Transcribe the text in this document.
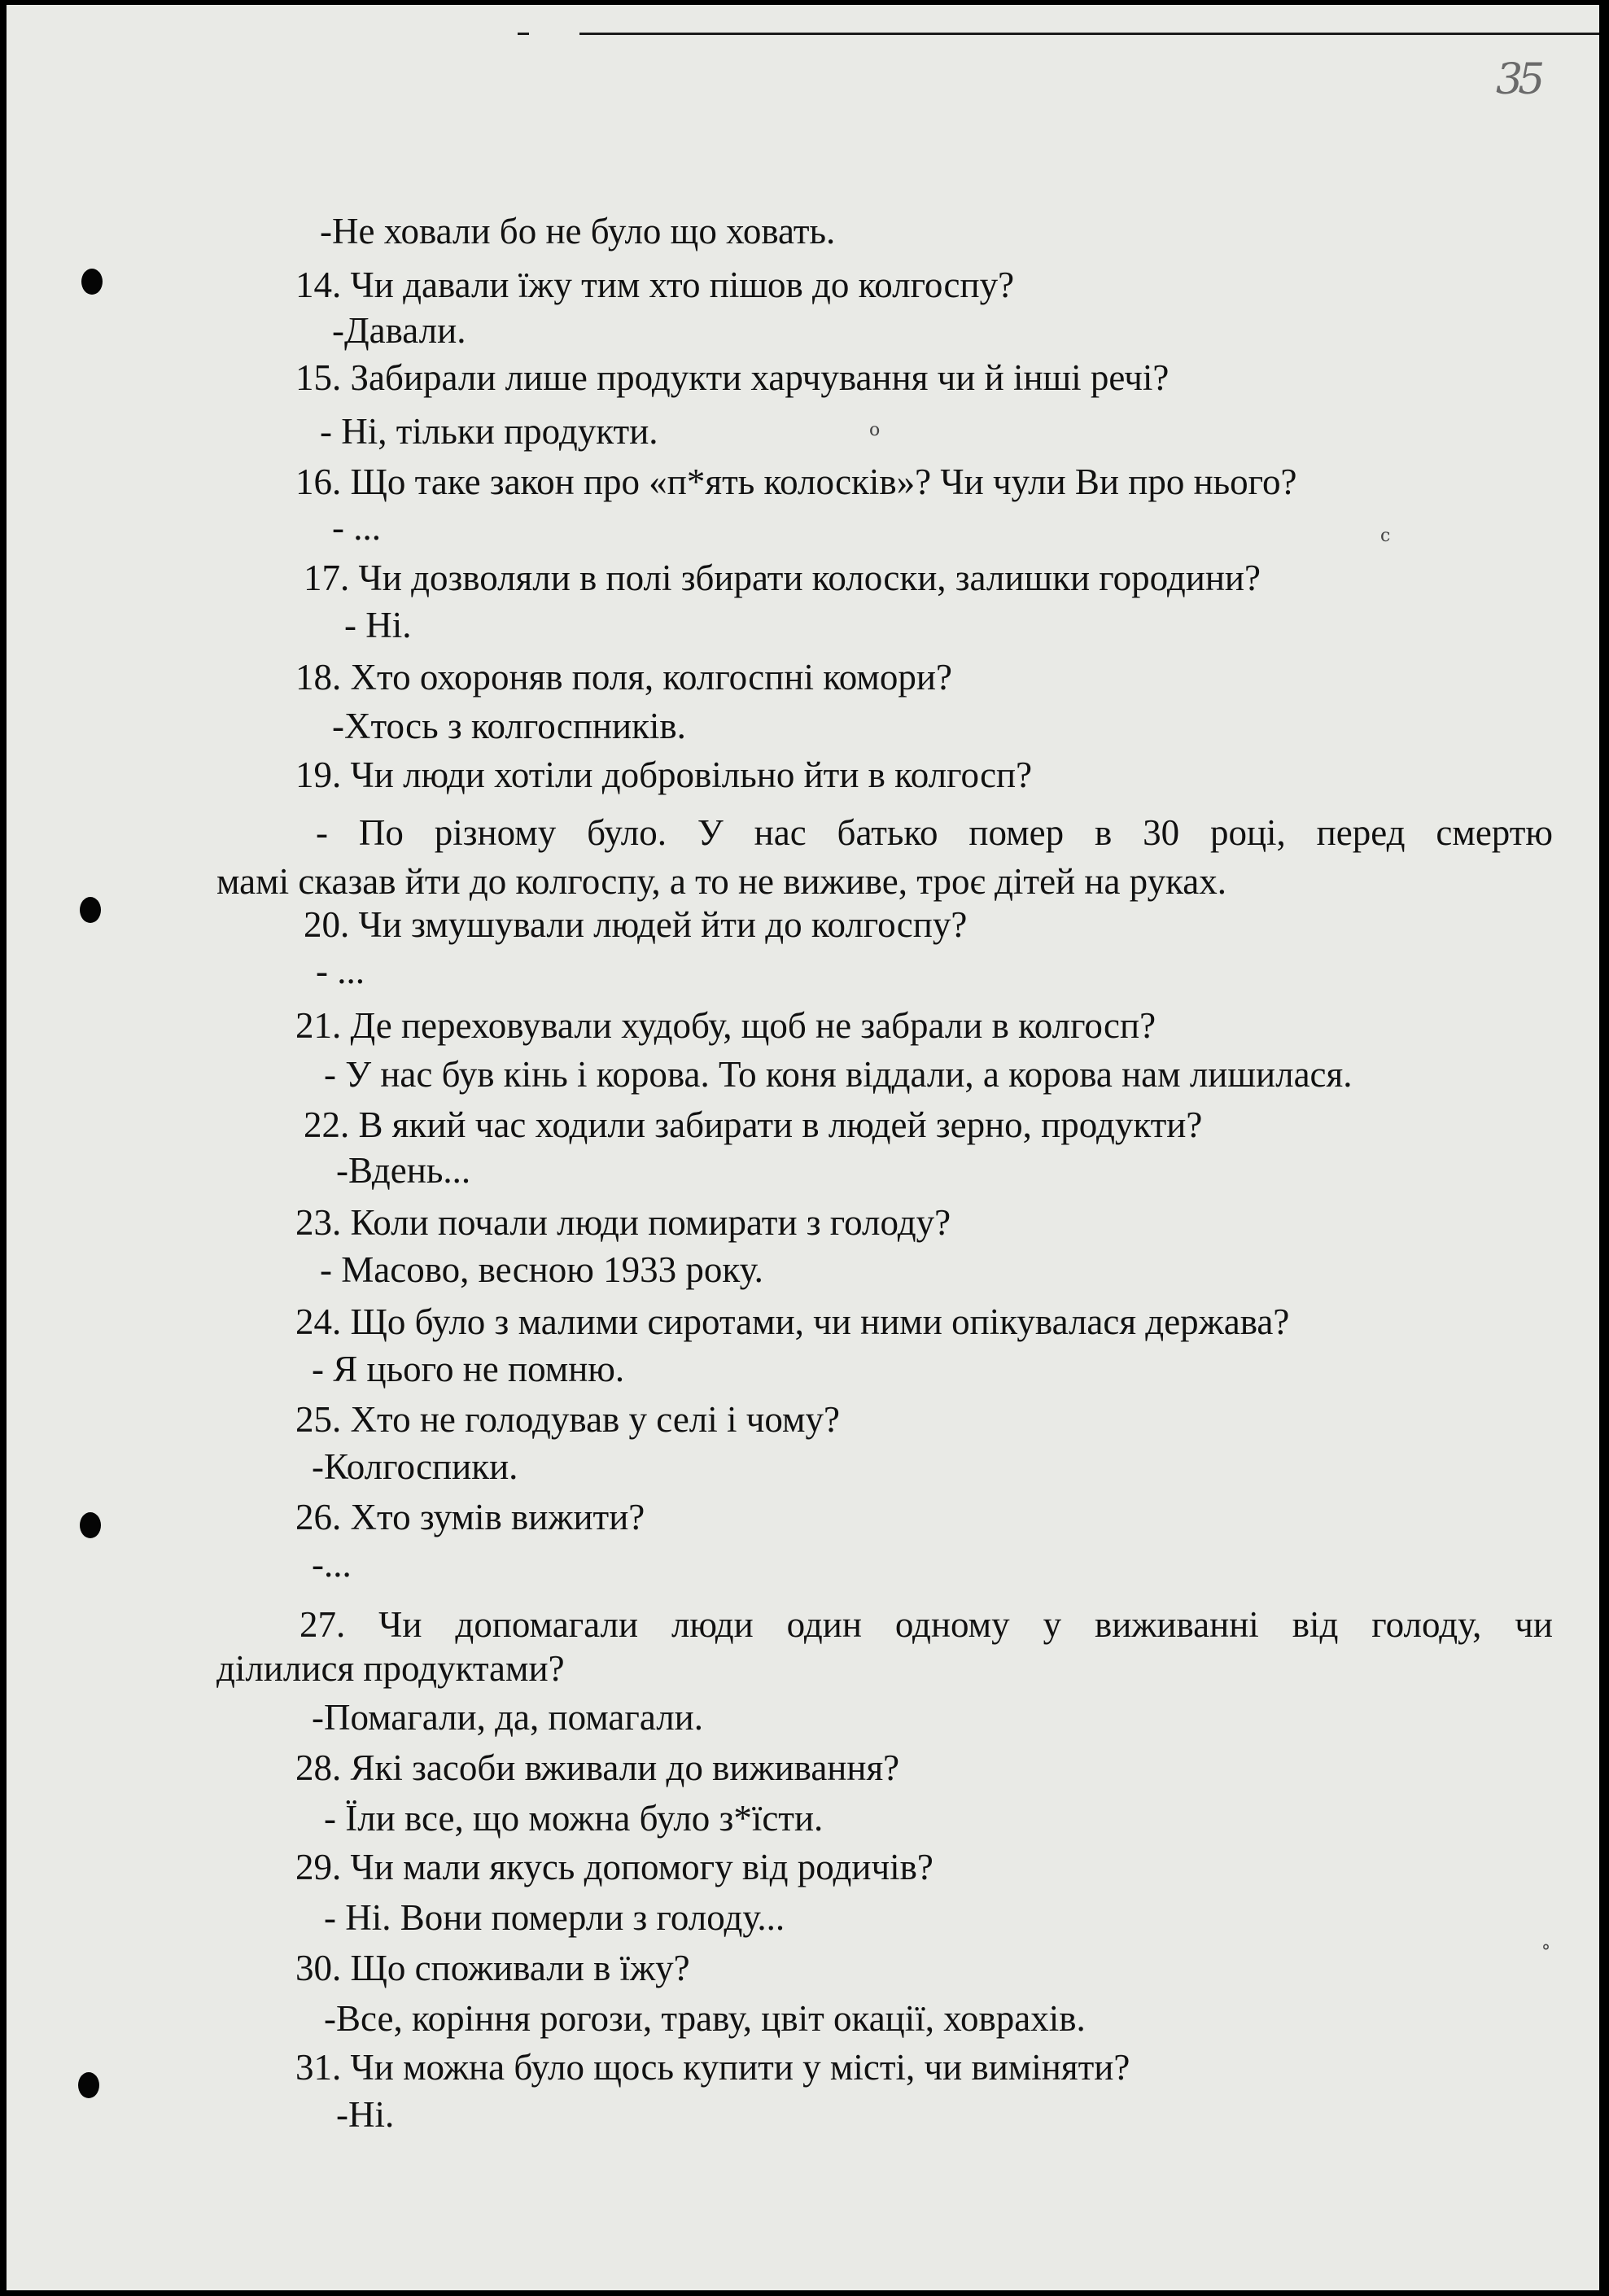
35
o
c
°
-Не ховали бо не було що ховать.
14. Чи давали їжу тим хто пішов до колгоспу?
-Давали.
15. Забирали лише продукти харчування чи й інші речі?
- Ні, тільки продукти.
16. Що таке закон про «п*ять колосків»? Чи чули Ви про нього?
- ...
17. Чи дозволяли в полі збирати колоски, залишки городини?
- Ні.
18. Хто охороняв поля, колгоспні комори?
-Хтось з колгоспників.
19. Чи люди хотіли добровільно йти в колгосп?
- По різному було. У нас батько помер в 30 році, перед смертю
мамі сказав йти до колгоспу, а то не виживе, троє дітей на руках.
20. Чи змушували людей йти до колгоспу?
- ...
21. Де переховували худобу, щоб не забрали в колгосп?
- У нас був кінь і корова. То коня віддали, а корова нам лишилася.
22. В який час ходили забирати в людей зерно, продукти?
-Вдень...
23. Коли почали люди помирати з голоду?
- Масово, весною 1933 року.
24. Що було з малими сиротами, чи ними опікувалася держава?
- Я цього не помню.
25. Хто не голодував у селі і чому?
-Колгоспики.
26. Хто зумів вижити?
-...
27. Чи допомагали люди один одному у виживанні від голоду, чи
ділилися продуктами?
-Помагали, да, помагали.
28. Які засоби вживали до виживання?
- Їли все, що можна було з*їсти.
29. Чи мали якусь допомогу від родичів?
- Ні. Вони померли з голоду...
30. Що споживали в їжу?
-Все, коріння рогози, траву, цвіт окації, ховрахів.
31. Чи можна було щось купити у місті, чи виміняти?
-Ні.
